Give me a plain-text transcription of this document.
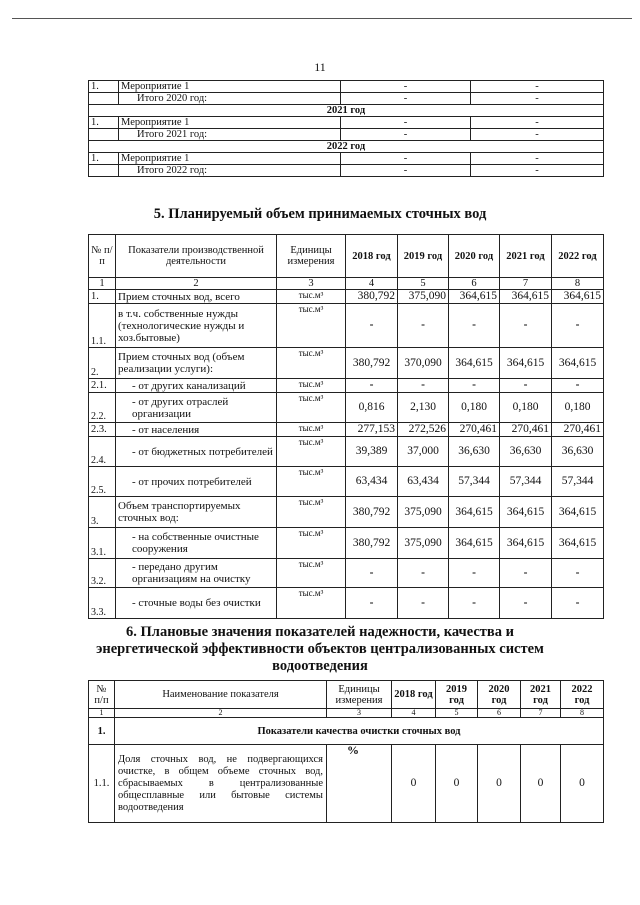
11
1.	Мероприятие 1	-	-
	Итого 2020 год:	-	-
2021 год			
1.	Мероприятие 1	-	-
	Итого 2021 год:	-	-
2022 год			
1.	Мероприятие 1	-	-
	Итого 2022 год:	-	-
5. Планируемый объем принимаемых сточных вод
№ п/п	Показатели производственной деятельности	Единицы измерения	2018 год	2019 год	2020 год	2021 год	2022 год
1	2	3	4	5	6	7	8
1.	Прием сточных вод, всего	тыс.м³	380,792	375,090	364,615	364,615	364,615
1.1.	в т.ч. собственные нужды (технологические нужды и хоз.бытовые)	тыс.м³	-	-	-	-	-
2.	Прием сточных вод (объем реализации услуги):	тыс.м³	380,792	370,090	364,615	364,615	364,615
2.1.	- от других канализаций	тыс.м³	-	-	-	-	-
2.2.	- от других отраслей организации	тыс.м³	0,816	2,130	0,180	0,180	0,180
2.3.	- от населения	тыс.м³	277,153	272,526	270,461	270,461	270,461
2.4.	- от бюджетных потребителей	тыс.м³	39,389	37,000	36,630	36,630	36,630
2.5.	- от прочих потребителей	тыс.м³	63,434	63,434	57,344	57,344	57,344
3.	Объем транспортируемых сточных вод:	тыс.м³	380,792	375,090	364,615	364,615	364,615
3.1.	- на собственные очистные сооружения	тыс.м³	380,792	375,090	364,615	364,615	364,615
3.2.	- передано другим организациям на очистку	тыс.м³	-	-	-	-	-
3.3.	- сточные воды без очистки	тыс.м³	-	-	-	-	-
6. Плановые значения показателей надежности, качества и
энергетической эффективности объектов централизованных систем
водоотведения
№ п/п	Наименование показателя	Единицы измерения	2018 год	2019 год	2020 год	2021 год	2022 год
1	2	3	4	5	6	7	8
1.	Показатели качества очистки сточных вод						
1.1.	Доля сточных вод, не подвергающихся очистке, в общем объеме сточных вод, сбрасываемых в централизованные общесплавные или бытовые системы водоотведения	%	0	0	0	0	0
